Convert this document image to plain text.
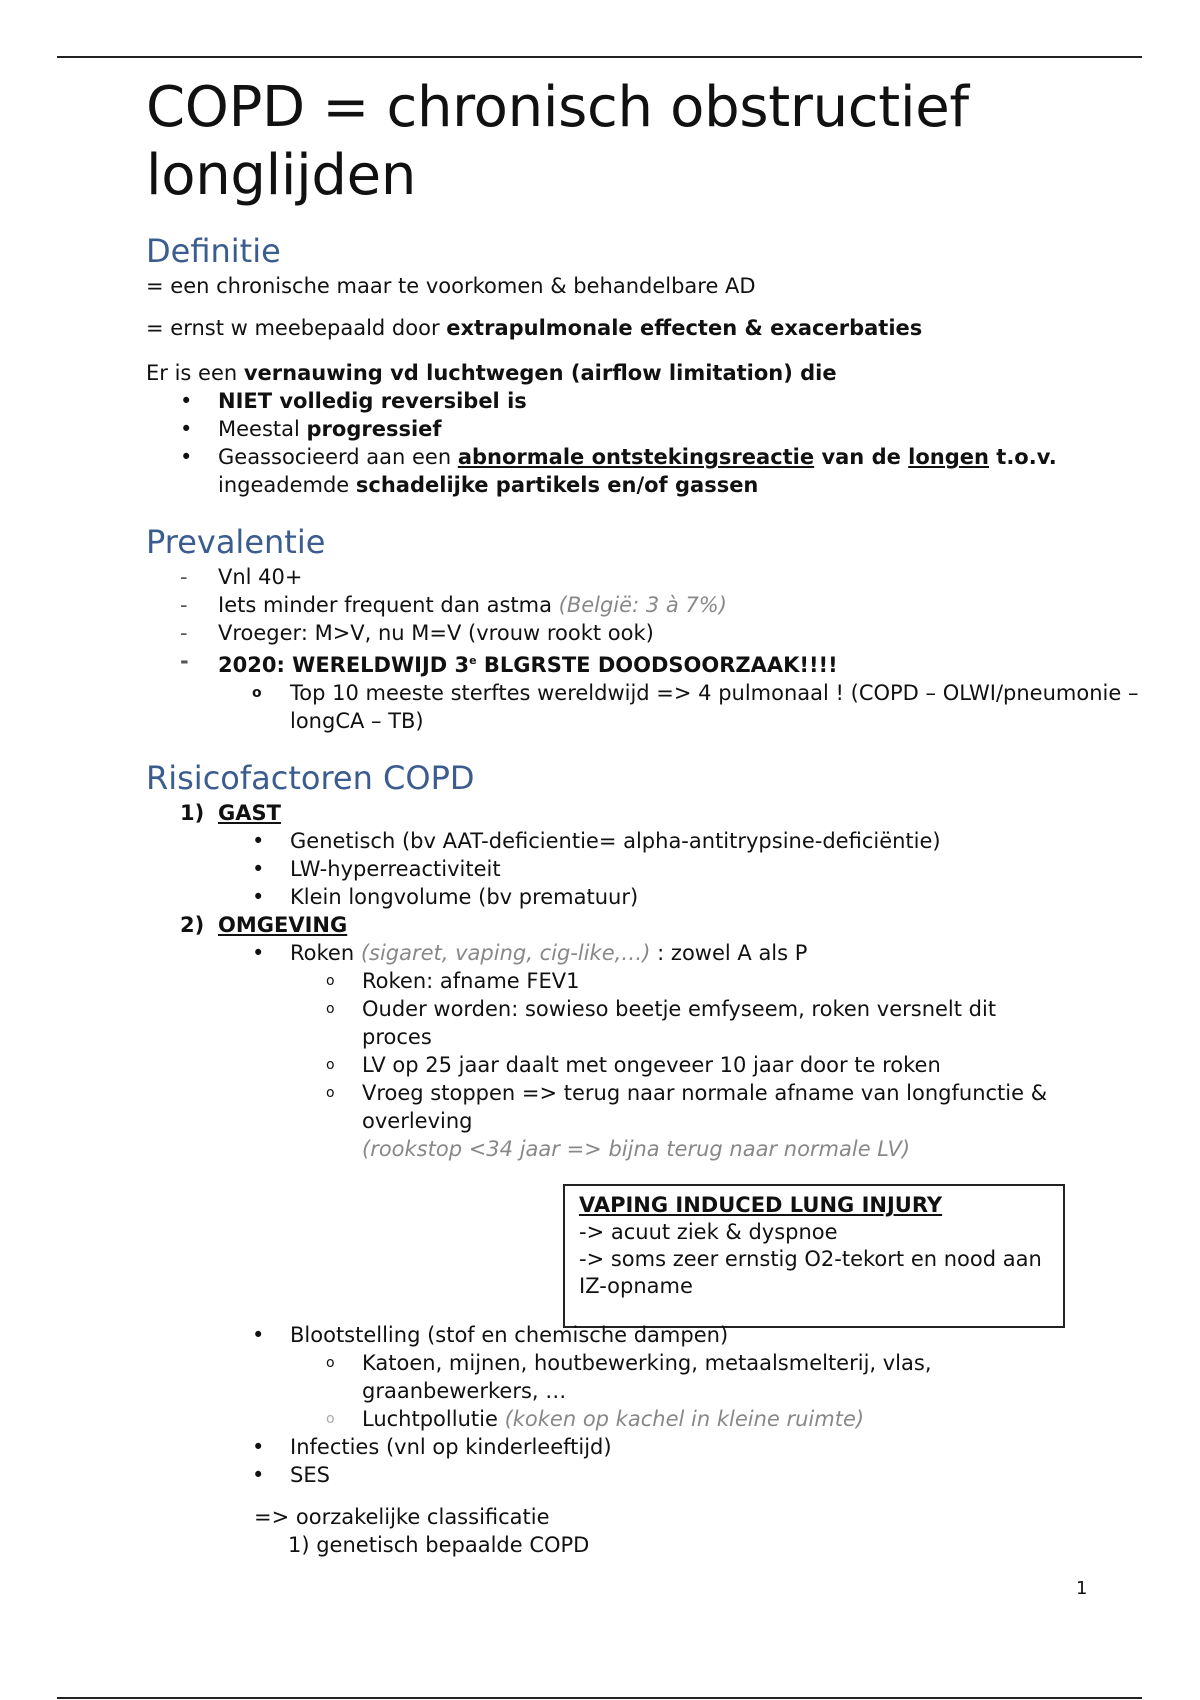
COPD = chronisch obstructief longlijden
Definitie

= een chronische maar te voorkomen & behandelbare AD

= ernst w meebepaald door extrapulmonale effecten & exacerbaties

Er is een vernauwing vd luchtwegen (airflow limitation) die

• NIET volledig reversibel is
• Meestal progressief
• Geassocieerd aan een abnormale ontstekingsreactie van de longen t.o.v.
ingeademde schadelijke partikels en/of gassen
Prevalentie
- Vnl 40+
- Iets minder frequent dan astma (België: 3 à 7%)
- Vroeger: M>V, nu M=V (vrouw rookt ook)
- 2020: WERELDWIJD 3e BLGRSTE DOODSOORZAAK!!!!
o Top 10 meeste sterftes wereldwijd => 4 pulmonaal ! (COPD – OLWI/pneumonie – longCA – TB)
Risicofactoren COPD
1) GAST
• Genetisch (bv AAT-deficientie= alpha-antitrypsine-deficiëntie)
• LW-hyperreactiviteit
• Klein longvolume (bv prematuur)
2) OMGEVING
• Roken (sigaret, vaping, cig-like,…) : zowel A als P
o Roken: afname FEV1
o Ouder worden: sowieso beetje emfyseem, roken versnelt dit proces
o LV op 25 jaar daalt met ongeveer 10 jaar door te roken
o Vroeg stoppen => terug naar normale afname van longfunctie & overleving
(rookstop <34 jaar => bijna terug naar normale LV)

VAPING INDUCED LUNG INJURY

-> acuut ziek & dyspnoe

-> soms zeer ernstig O2-tekort en nood aan IZ-opname

• Blootstelling (stof en chemische dampen)
o Katoen, mijnen, houtbewerking, metaalsmelterij, vlas, graanbewerkers, …
o Luchtpollutie (koken op kachel in kleine ruimte)
• Infecties (vnl op kinderleeftijd)
• SES

=> oorzakelijke classificatie

1) genetisch bepaalde COPD

1
